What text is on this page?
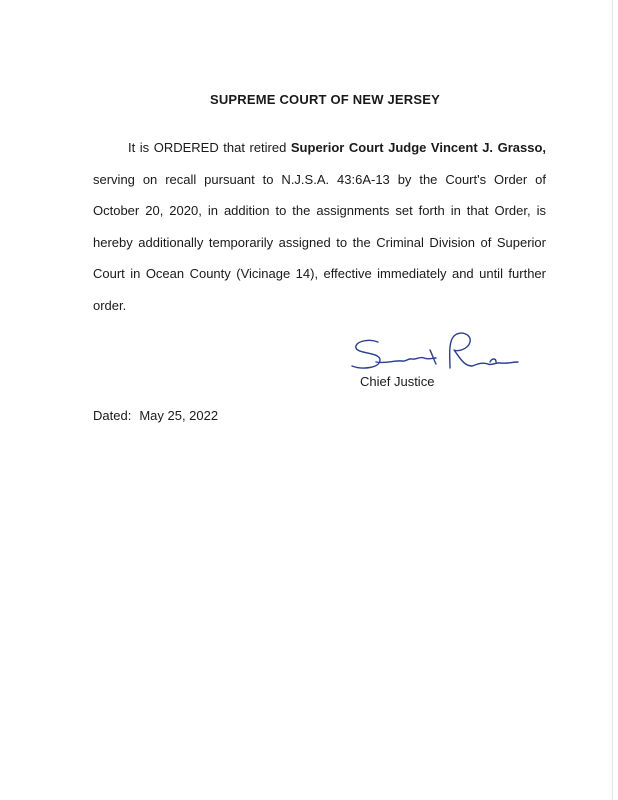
SUPREME COURT OF NEW JERSEY

It is ORDERED that retired Superior Court Judge Vincent J. Grasso, serving on recall pursuant to N.J.S.A. 43:6A-13 by the Court's Order of October 20, 2020, in addition to the assignments set forth in that Order, is hereby additionally temporarily assigned to the Criminal Division of Superior Court in Ocean County (Vicinage 14), effective immediately and until further order.

Chief Justice
Dated: May 25, 2022
